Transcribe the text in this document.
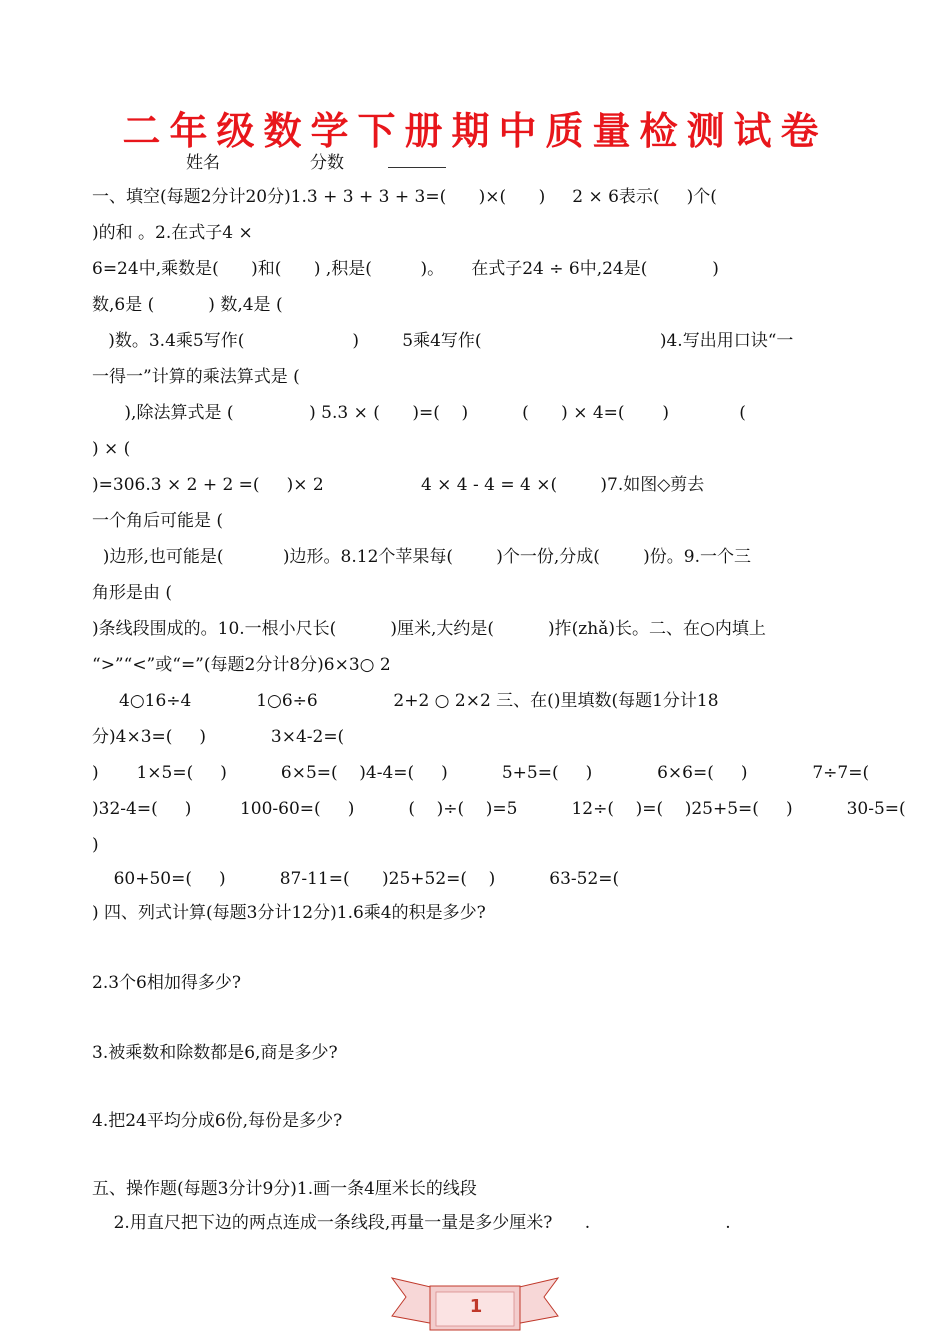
二年级数学下册期中质量检测试卷
姓名	分数
一、填空(每题2分计20分)1.3 + 3 + 3 + 3=(      )×(      )     2 × 6表示(     )个(
)的和 。2.在式子4 ×
6=24中,乘数是(      )和(      ) ,积是(         )。     在式子24 ÷ 6中,24是(            )
数,6是 (          ) 数,4是 (
)数。3.4乘5写作(                    )        5乘4写作(                                 )4.写出用口诀“一
一得一”计算的乘法算式是 (
),除法算式是 (              ) 5.3 × (      )=(    )          (      ) × 4=(       )             (
) × (
)=306.3 × 2 + 2 =(     )× 2                  4 × 4 - 4 = 4 ×(        )7.如图◇剪去
一个角后可能是 (
)边形,也可能是(           )边形。8.12个苹果每(        )个一份,分成(        )份。9.一个三
角形是由 (
)条线段围成的。10.一根小尺长(          )厘米,大约是(          )拃(zhǎ)长。二、在○内填上
“>”“<”或“=”(每题2分计8分)6×3○ 2
4○16÷4            1○6÷6              2+2 ○ 2×2 三、在()里填数(每题1分计18
分)4×3=(     )            3×4-2=(
)       1×5=(     )          6×5=(    )4-4=(     )          5+5=(     )            6×6=(     )            7÷7=(
)32-4=(     )         100-60=(     )          (    )÷(    )=5          12÷(    )=(    )25+5=(     )          30-5=(
)
60+50=(     )          87-11=(      )25+52=(    )          63-52=(
) 四、列式计算(每题3分计12分)1.6乘4的积是多少?
2.3个6相加得多少?
3.被乘数和除数都是6,商是多少?
4.把24平均分成6份,每份是多少?
五、操作题(每题3分计9分)1.画一条4厘米长的线段
2.用直尺把下边的两点连成一条线段,再量一量是多少厘米?      .                         .
1
